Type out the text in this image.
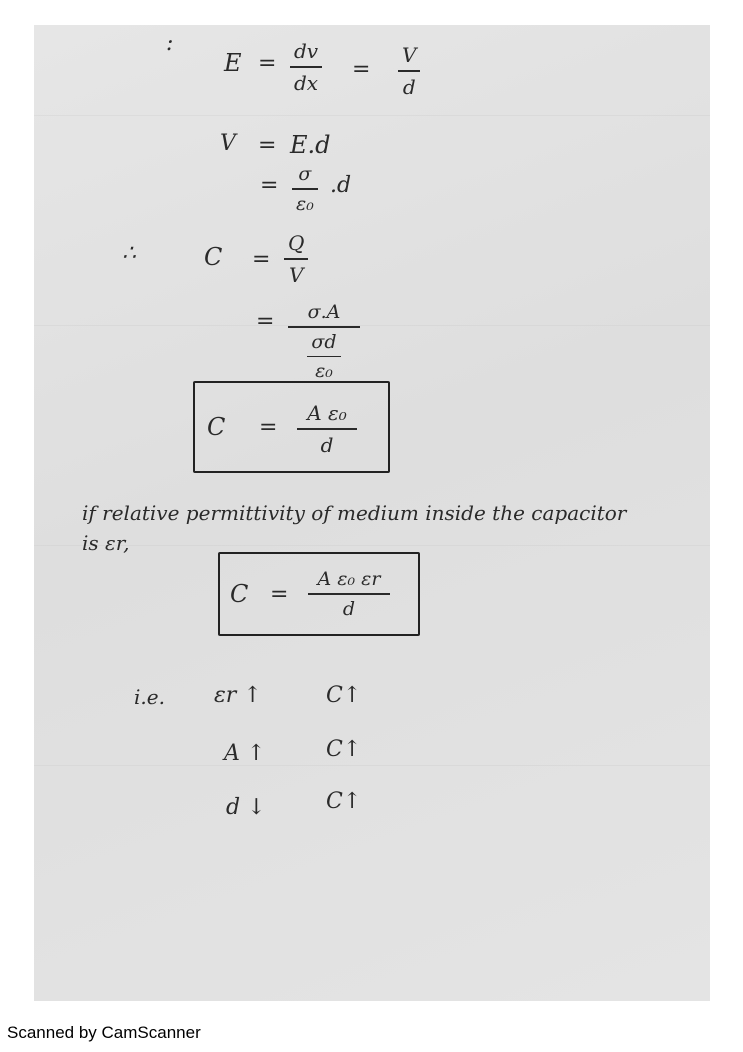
:
E = dv
dx
=
V
d
V = E.d
= σ
ε₀
.d
∴	C =
Q
V
=	σ.A
$\frac{\sigma d}{\text{ε₀}}$
C =
A ε₀
d
if relative permittivity of medium inside the capacitor
is εr,
C =
A ε₀ εr
d
i.e. εr ↑	C↑
A ↑	C↑
d ↓	C↑
Scanned by CamScanner
